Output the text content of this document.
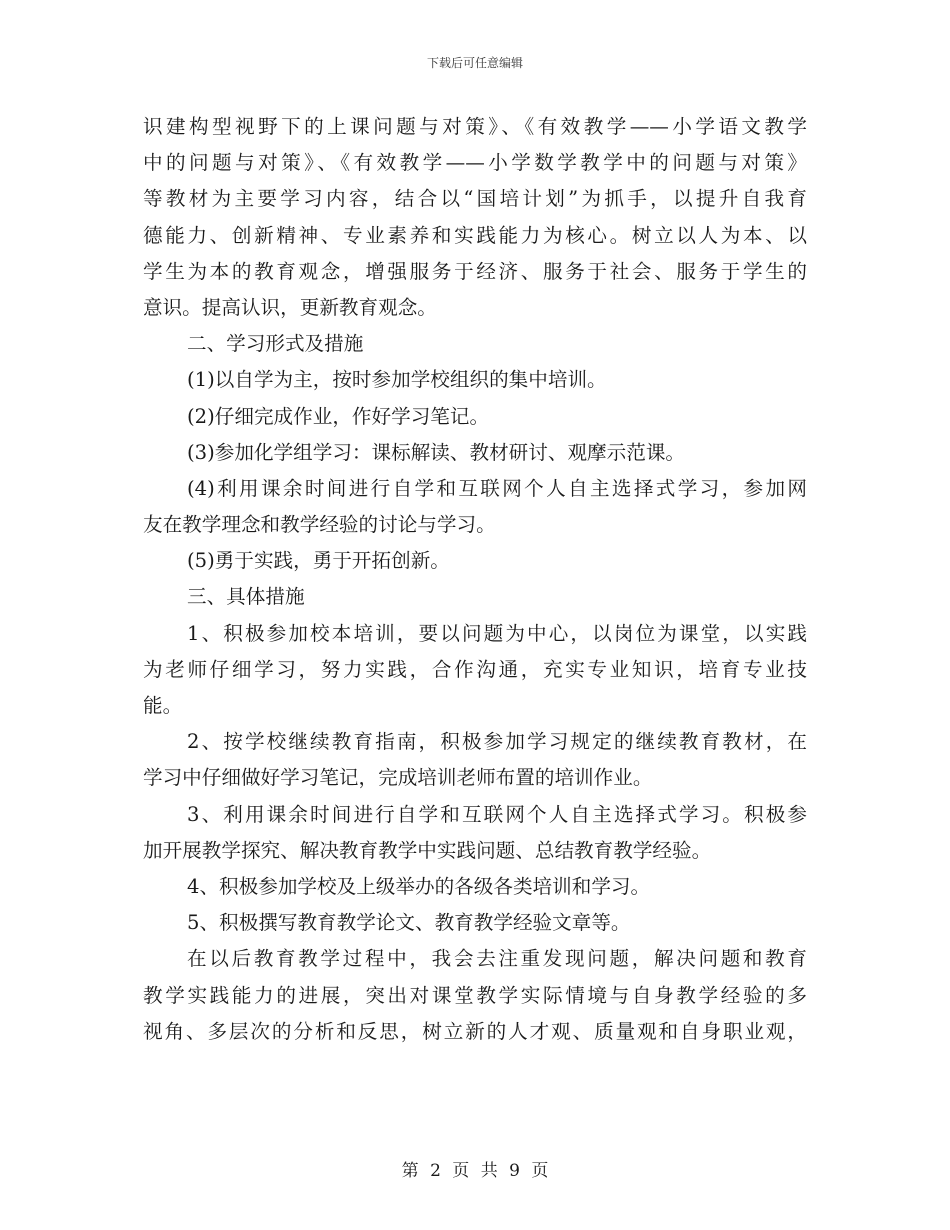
下载后可任意编辑
识建构型视野下的上课问题与对策》、《有效教学——小学语文教学
中的问题与对策》、《有效教学——小学数学教学中的问题与对策》
等教材为主要学习内容，结合以“国培计划”为抓手，以提升自我育
德能力、创新精神、专业素养和实践能力为核心。树立以人为本、以
学生为本的教育观念，增强服务于经济、服务于社会、服务于学生的
意识。提高认识，更新教育观念。
二、学习形式及措施
(1)以自学为主，按时参加学校组织的集中培训。
(2)仔细完成作业，作好学习笔记。
(3)参加化学组学习：课标解读、教材研讨、观摩示范课。
(4)利用课余时间进行自学和互联网个人自主选择式学习，参加网
友在教学理念和教学经验的讨论与学习。
(5)勇于实践，勇于开拓创新。
三、具体措施
1、积极参加校本培训，要以问题为中心，以岗位为课堂，以实践
为老师仔细学习，努力实践，合作沟通，充实专业知识，培育专业技
能。
2、按学校继续教育指南，积极参加学习规定的继续教育教材，在
学习中仔细做好学习笔记，完成培训老师布置的培训作业。
3、利用课余时间进行自学和互联网个人自主选择式学习。积极参
加开展教学探究、解决教育教学中实践问题、总结教育教学经验。
4、积极参加学校及上级举办的各级各类培训和学习。
5、积极撰写教育教学论文、教育教学经验文章等。
在以后教育教学过程中，我会去注重发现问题，解决问题和教育
教学实践能力的进展，突出对课堂教学实际情境与自身教学经验的多
视角、多层次的分析和反思，树立新的人才观、质量观和自身职业观，
第 2 页 共 9 页
